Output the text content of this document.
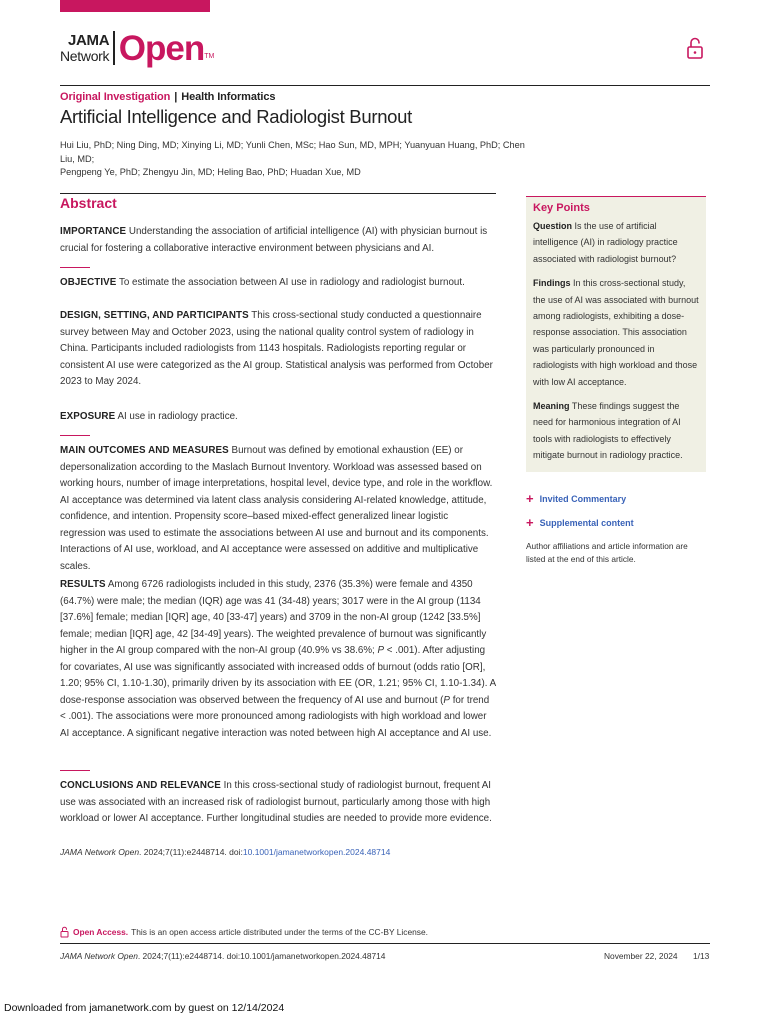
JAMA
Network Open TM
Original Investigation | Health Informatics
Artificial Intelligence and Radiologist Burnout
Hui Liu, PhD; Ning Ding, MD; Xinying Li, MD; Yunli Chen, MSc; Hao Sun, MD, MPH; Yuanyuan Huang, PhD; Chen Liu, MD;
Pengpeng Ye, PhD; Zhengyu Jin, MD; Heling Bao, PhD; Huadan Xue, MD
Abstract
IMPORTANCE Understanding the association of artificial intelligence (AI) with physician burnout is crucial for fostering a collaborative interactive environment between physicians and AI.
OBJECTIVE To estimate the association between AI use in radiology and radiologist burnout.
DESIGN, SETTING, AND PARTICIPANTS This cross-sectional study conducted a questionnaire survey between May and October 2023, using the national quality control system of radiology in China. Participants included radiologists from 1143 hospitals. Radiologists reporting regular or consistent AI use were categorized as the AI group. Statistical analysis was performed from October 2023 to May 2024.
EXPOSURE AI use in radiology practice.
MAIN OUTCOMES AND MEASURES Burnout was defined by emotional exhaustion (EE) or depersonalization according to the Maslach Burnout Inventory. Workload was assessed based on working hours, number of image interpretations, hospital level, device type, and role in the workflow. AI acceptance was determined via latent class analysis considering AI-related knowledge, attitude, confidence, and intention. Propensity score–based mixed-effect generalized linear logistic regression was used to estimate the associations between AI use and burnout and its components. Interactions of AI use, workload, and AI acceptance were assessed on additive and multiplicative scales.
RESULTS Among 6726 radiologists included in this study, 2376 (35.3%) were female and 4350 (64.7%) were male; the median (IQR) age was 41 (34-48) years; 3017 were in the AI group (1134 [37.6%] female; median [IQR] age, 40 [33-47] years) and 3709 in the non-AI group (1242 [33.5%] female; median [IQR] age, 42 [34-49] years). The weighted prevalence of burnout was significantly higher in the AI group compared with the non-AI group (40.9% vs 38.6%; P < .001). After adjusting for covariates, AI use was significantly associated with increased odds of burnout (odds ratio [OR], 1.20; 95% CI, 1.10-1.30), primarily driven by its association with EE (OR, 1.21; 95% CI, 1.10-1.34). A dose-response association was observed between the frequency of AI use and burnout (P for trend < .001). The associations were more pronounced among radiologists with high workload and lower AI acceptance. A significant negative interaction was noted between high AI acceptance and AI use.
CONCLUSIONS AND RELEVANCE In this cross-sectional study of radiologist burnout, frequent AI use was associated with an increased risk of radiologist burnout, particularly among those with high workload or lower AI acceptance. Further longitudinal studies are needed to provide more evidence.
JAMA Network Open. 2024;7(11):e2448714. doi:10.1001/jamanetworkopen.2024.48714
Key Points
Question Is the use of artificial intelligence (AI) in radiology practice associated with radiologist burnout?
Findings In this cross-sectional study, the use of AI was associated with burnout among radiologists, exhibiting a dose-response association. This association was particularly pronounced in radiologists with high workload and those with low AI acceptance.
Meaning These findings suggest the need for harmonious integration of AI tools with radiologists to effectively mitigate burnout in radiology practice.
+ Invited Commentary
+ Supplemental content
Author affiliations and article information are listed at the end of this article.
Open Access. This is an open access article distributed under the terms of the CC-BY License.
JAMA Network Open. 2024;7(11):e2448714. doi:10.1001/jamanetworkopen.2024.48714	November 22, 2024 1/13
Downloaded from jamanetwork.com by guest on 12/14/2024
